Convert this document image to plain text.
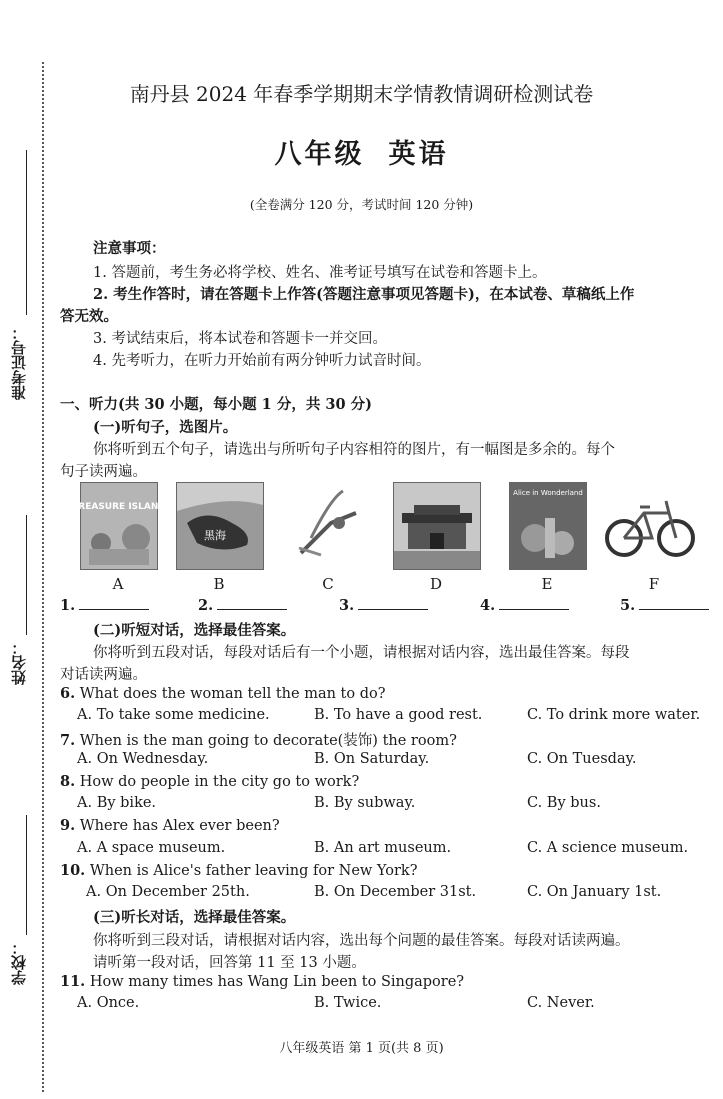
准考证号：
姓名：
学校：
南丹县 2024 年春季学期期末学情教情调研检测试卷
八年级 英语
(全卷满分 120 分，考试时间 120 分钟)
注意事项：
1. 答题前，考生务必将学校、姓名、准考证号填写在试卷和答题卡上。
2. 考生作答时，请在答题卡上作答(答题注意事项见答题卡)，在本试卷、草稿纸上作
答无效。
3. 考试结束后，将本试卷和答题卡一并交回。
4. 先考听力，在听力开始前有两分钟听力试音时间。
一、听力(共 30 小题，每小题 1 分，共 30 分)
(一)听句子，选图片。
你将听到五个句子，请选出与所听句子内容相符的图片，有一幅图是多余的。每个
句子读两遍。
TREASURE ISLAND
黑海
Alice in Wonderland
A	B	C	D	E	F
1.	2.	3.	4.	5.
(二)听短对话，选择最佳答案。
你将听到五段对话，每段对话后有一个小题，请根据对话内容，选出最佳答案。每段
对话读两遍。
6. What does the woman tell the man to do?
A. To take some medicine.	B. To have a good rest.	C. To drink more water.
7. When is the man going to decorate(装饰) the room?
A. On Wednesday.	B. On Saturday.	C. On Tuesday.
8. How do people in the city go to work?
A. By bike.	B. By subway.	C. By bus.
9. Where has Alex ever been?
A. A space museum.	B. An art museum.	C. A science museum.
10. When is Alice's father leaving for New York?
A. On December 25th.	B. On December 31st.	C. On January 1st.
(三)听长对话，选择最佳答案。
你将听到三段对话，请根据对话内容，选出每个问题的最佳答案。每段对话读两遍。
请听第一段对话，回答第 11 至 13 小题。
11. How many times has Wang Lin been to Singapore?
A. Once.	B. Twice.	C. Never.
八年级英语 第 1 页(共 8 页)
